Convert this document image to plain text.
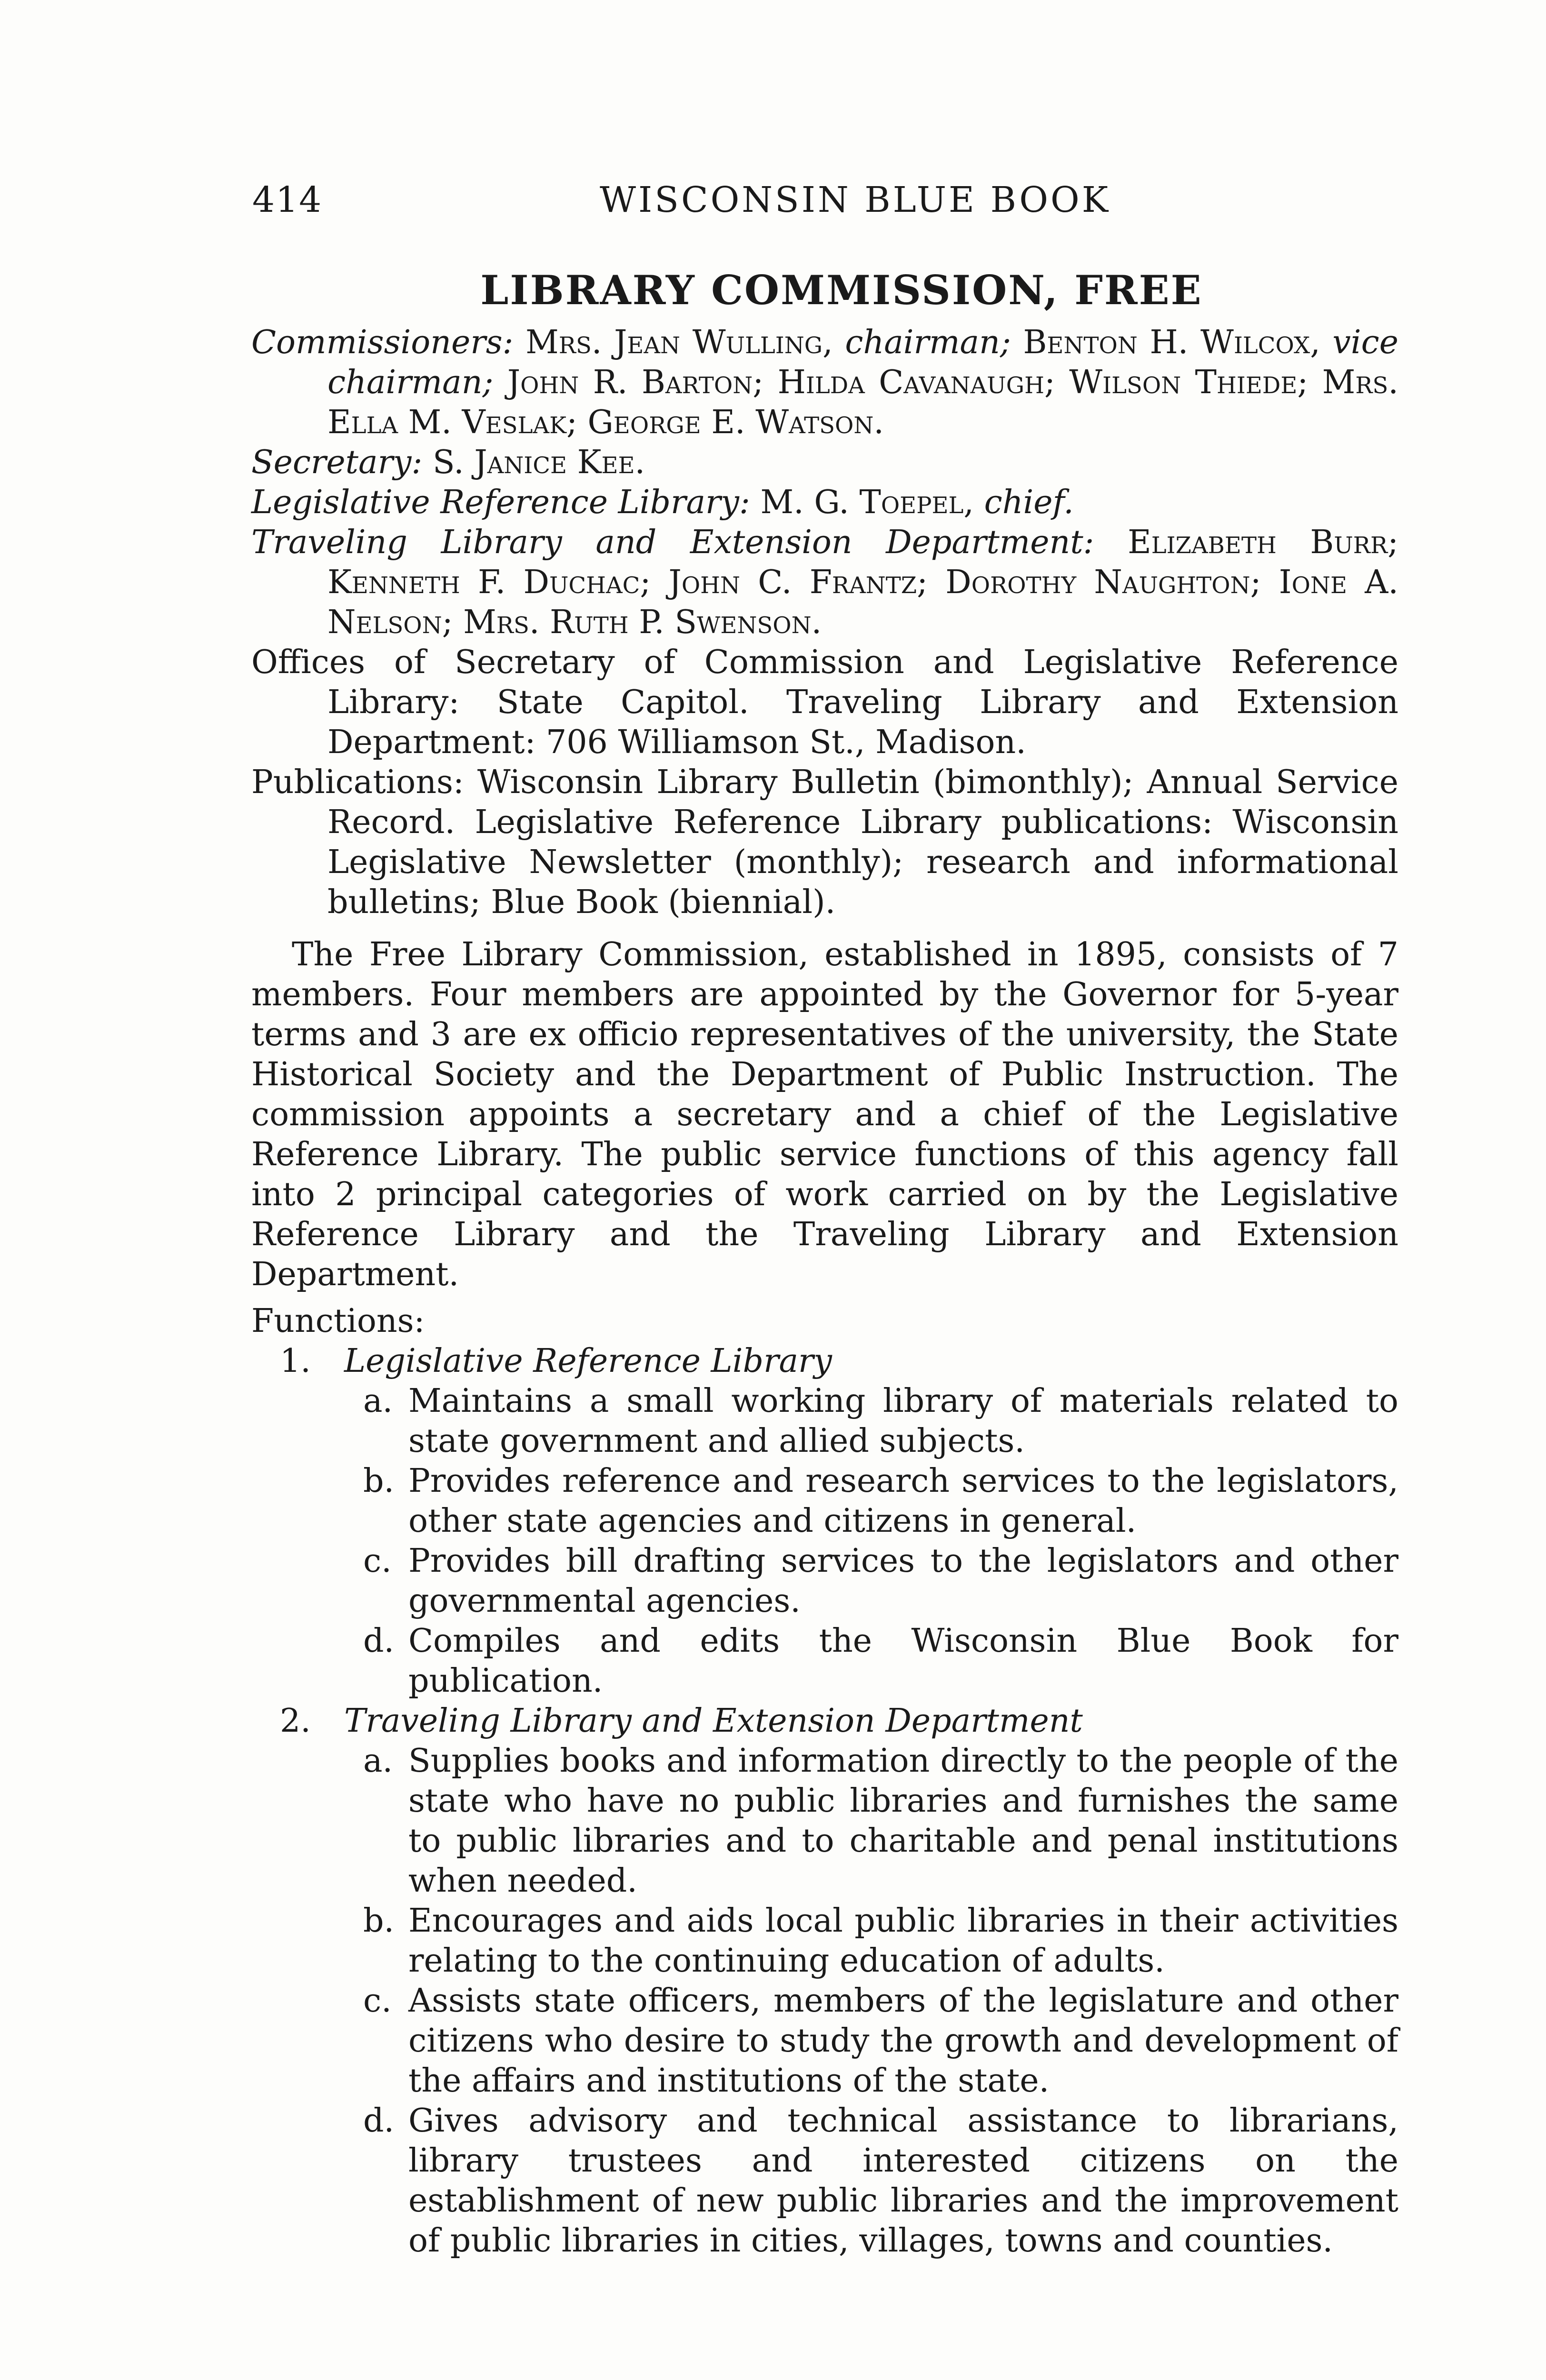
414	WISCONSIN BLUE BOOK
LIBRARY COMMISSION, FREE

Commissioners: Mrs. Jean Wulling, chairman; Benton H. Wilcox, vice chairman; John R. Barton; Hilda Cavanaugh; Wilson Thiede; Mrs. Ella M. Veslak; George E. Watson.

Secretary: S. Janice Kee.

Legislative Reference Library: M. G. Toepel, chief.

Traveling Library and Extension Department: Elizabeth Burr; Kenneth F. Duchac; John C. Frantz; Dorothy Naughton; Ione A. Nelson; Mrs. Ruth P. Swenson.

Offices of Secretary of Commission and Legislative Reference Library: State Capitol. Traveling Library and Extension Department: 706 Williamson St., Madison.

Publications: Wisconsin Library Bulletin (bimonthly); Annual Service Record. Legislative Reference Library publications: Wisconsin Legislative Newsletter (monthly); research and informational bulletins; Blue Book (biennial).

The Free Library Commission, established in 1895, consists of 7 members. Four members are appointed by the Governor for 5-year terms and 3 are ex officio representatives of the university, the State Historical Society and the Department of Public Instruction. The commission appoints a secretary and a chief of the Legislative Reference Library. The public service functions of this agency fall into 2 principal categories of work carried on by the Legislative Reference Library and the Traveling Library and Extension Department.

Functions:

1. Legislative Reference Library
a. Maintains a small working library of materials related to state government and allied subjects.
b. Provides reference and research services to the legislators, other state agencies and citizens in general.
c. Provides bill drafting services to the legislators and other governmental agencies.
d. Compiles and edits the Wisconsin Blue Book for publication.
2. Traveling Library and Extension Department
a. Supplies books and information directly to the people of the state who have no public libraries and furnishes the same to public libraries and to charitable and penal institutions when needed.
b. Encourages and aids local public libraries in their activities relating to the continuing education of adults.
c. Assists state officers, members of the legislature and other citizens who desire to study the growth and development of the affairs and institutions of the state.
d. Gives advisory and technical assistance to librarians, library trustees and interested citizens on the establishment of new public libraries and the improvement of public libraries in cities, villages, towns and counties.
